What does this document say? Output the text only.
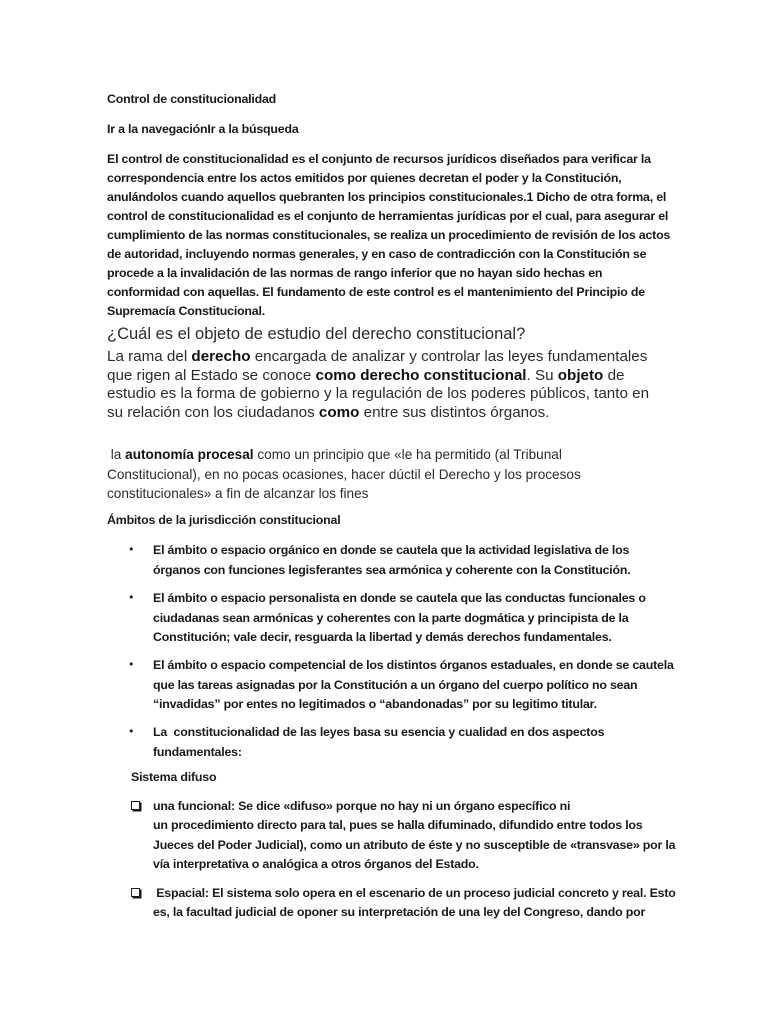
Control de constitucionalidad
Ir a la navegaciónIr a la búsqueda
El control de constitucionalidad es el conjunto de recursos jurídicos diseñados para verificar la
correspondencia entre los actos emitidos por quienes decretan el poder y la Constitución,
anulándolos cuando aquellos quebranten los principios constitucionales.1 Dicho de otra forma, el
control de constitucionalidad es el conjunto de herramientas jurídicas por el cual, para asegurar el
cumplimiento de las normas constitucionales, se realiza un procedimiento de revisión de los actos
de autoridad, incluyendo normas generales, y en caso de contradicción con la Constitución se
procede a la invalidación de las normas de rango inferior que no hayan sido hechas en
conformidad con aquellas. El fundamento de este control es el mantenimiento del Principio de
Supremacía Constitucional.
¿Cuál es el objeto de estudio del derecho constitucional?
La rama del derecho encargada de analizar y controlar las leyes fundamentales
que rigen al Estado se conoce como derecho constitucional. Su objeto de
estudio es la forma de gobierno y la regulación de los poderes públicos, tanto en
su relación con los ciudadanos como entre sus distintos órganos.
la autonomía procesal como un principio que «le ha permitido (al Tribunal
Constitucional), en no pocas ocasiones, hacer dúctil el Derecho y los procesos
constitucionales» a fin de alcanzar los fines
Ámbitos de la jurisdicción constitucional
• El ámbito o espacio orgánico en donde se cautela que la actividad legislativa de los
órganos con funciones legisferantes sea armónica y coherente con la Constitución.
• El ámbito o espacio personalista en donde se cautela que las conductas funcionales o
ciudadanas sean armónicas y coherentes con la parte dogmática y principista de la
Constitución; vale decir, resguarda la libertad y demás derechos fundamentales.
• El ámbito o espacio competencial de los distintos órganos estaduales, en donde se cautela
que las tareas asignadas por la Constitución a un órgano del cuerpo político no sean
“invadidas” por entes no legitimados o “abandonadas” por su legitimo titular.
• La  constitucionalidad de las leyes basa su esencia y cualidad en dos aspectos
fundamentales:
Sistema difuso
una funcional: Se dice «difuso» porque no hay ni un órgano específico ni
un procedimiento directo para tal, pues se halla difuminado, difundido entre todos los
Jueces del Poder Judicial), como un atributo de éste y no susceptible de «transvase» por la
vía interpretativa o analógica a otros órganos del Estado.
Espacial: El sistema solo opera en el escenario de un proceso judicial concreto y real. Esto
es, la facultad judicial de oponer su interpretación de una ley del Congreso, dando por
